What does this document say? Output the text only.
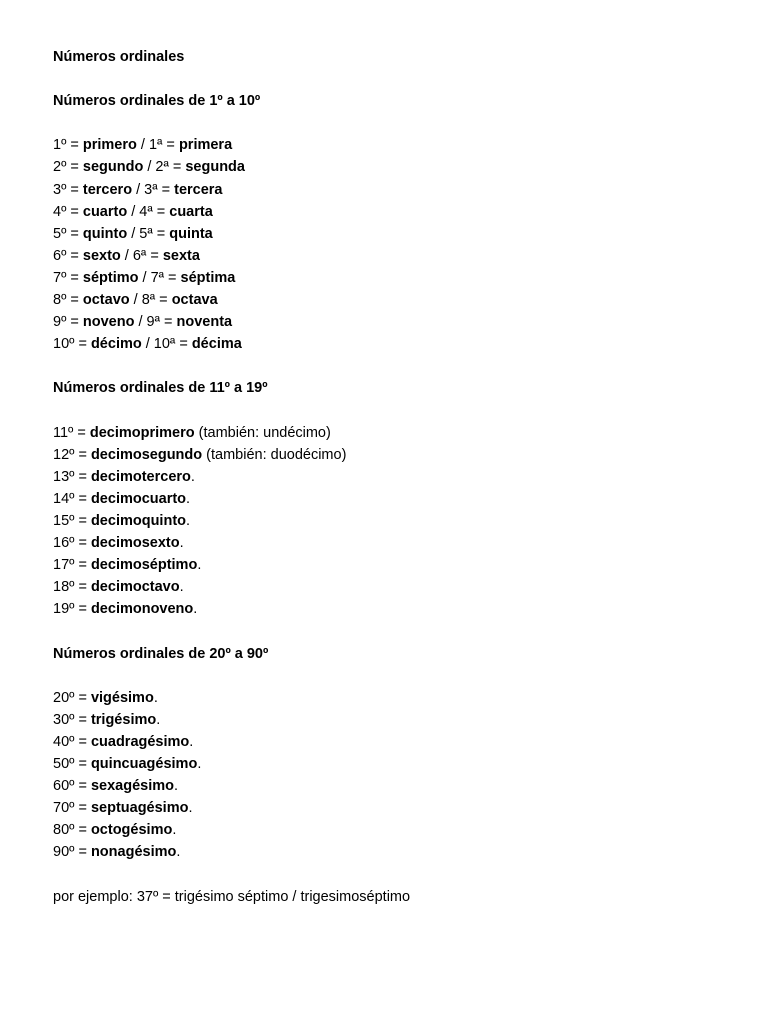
Números ordinales
Números ordinales de 1º a 10º
1º = primero / 1ª = primera
2º = segundo / 2ª = segunda
3º = tercero / 3ª = tercera
4º = cuarto / 4ª = cuarta
5º = quinto / 5ª = quinta
6º = sexto / 6ª = sexta
7º = séptimo / 7ª = séptima
8º = octavo / 8ª = octava
9º = noveno / 9ª = noventa
10º = décimo / 10ª = décima
Números ordinales de 11º a 19º
11º = decimoprimero (también: undécimo)
12º = decimosegundo (también: duodécimo)
13º = decimotercero.
14º = decimocuarto.
15º = decimoquinto.
16º = decimosexto.
17º = decimoséptimo.
18º = decimoctavo.
19º = decimonoveno.
Números ordinales de 20º a 90º
20º = vigésimo.
30º = trigésimo.
40º = cuadragésimo.
50º = quincuagésimo.
60º = sexagésimo.
70º = septuagésimo.
80º = octogésimo.
90º = nonagésimo.
por ejemplo: 37º = trigésimo séptimo / trigesimoséptimo
